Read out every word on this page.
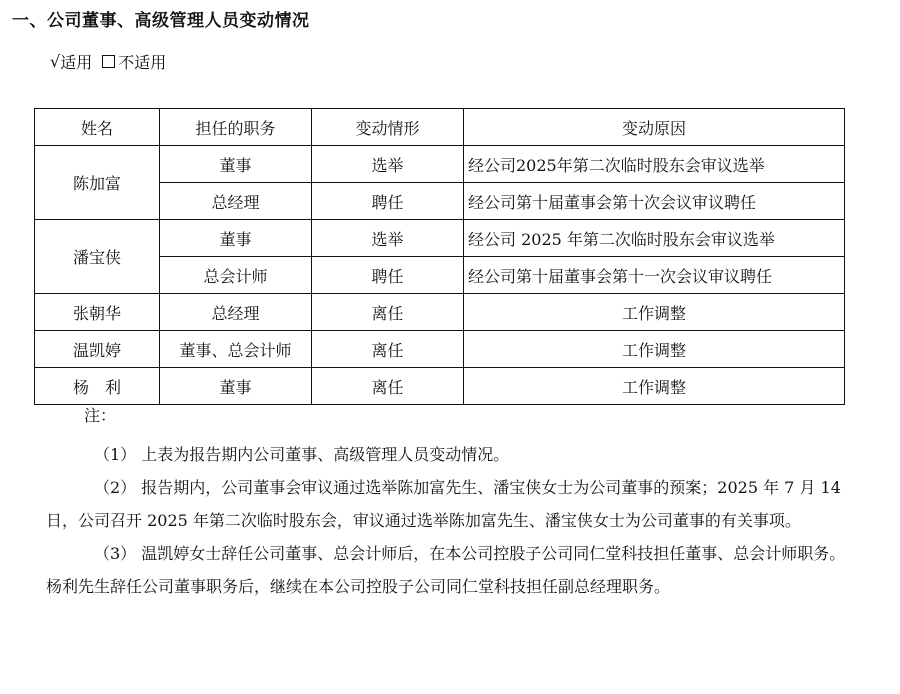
一、公司董事、高级管理人员变动情况
√ 适用 不适用
姓名	担任的职务	变动情形	变动原因
陈加富	董事	选举	经公司2025年第二次临时股东会审议选举
	总经理	聘任	经公司第十届董事会第十次会议审议聘任
潘宝侠	董事	选举	经公司 2025 年第二次临时股东会审议选举
	总会计师	聘任	经公司第十届董事会第十一次会议审议聘任
张朝华	总经理	离任	工作调整
温凯婷	董事、总会计师	离任	工作调整
杨　利	董事	离任	工作调整
注：
（1） 上表为报告期内公司董事、高级管理人员变动情况。
（2） 报告期内，公司董事会审议通过选举陈加富先生、潘宝侠女士为公司董事的预案；2025 年 7 月 14 日，公司召开 2025 年第二次临时股东会，审议通过选举陈加富先生、潘宝侠女士为公司董事的有关事项。
（3） 温凯婷女士辞任公司董事、总会计师后，在本公司控股子公司同仁堂科技担任董事、总会计师职务。杨利先生辞任公司董事职务后，继续在本公司控股子公司同仁堂科技担任副总经理职务。
